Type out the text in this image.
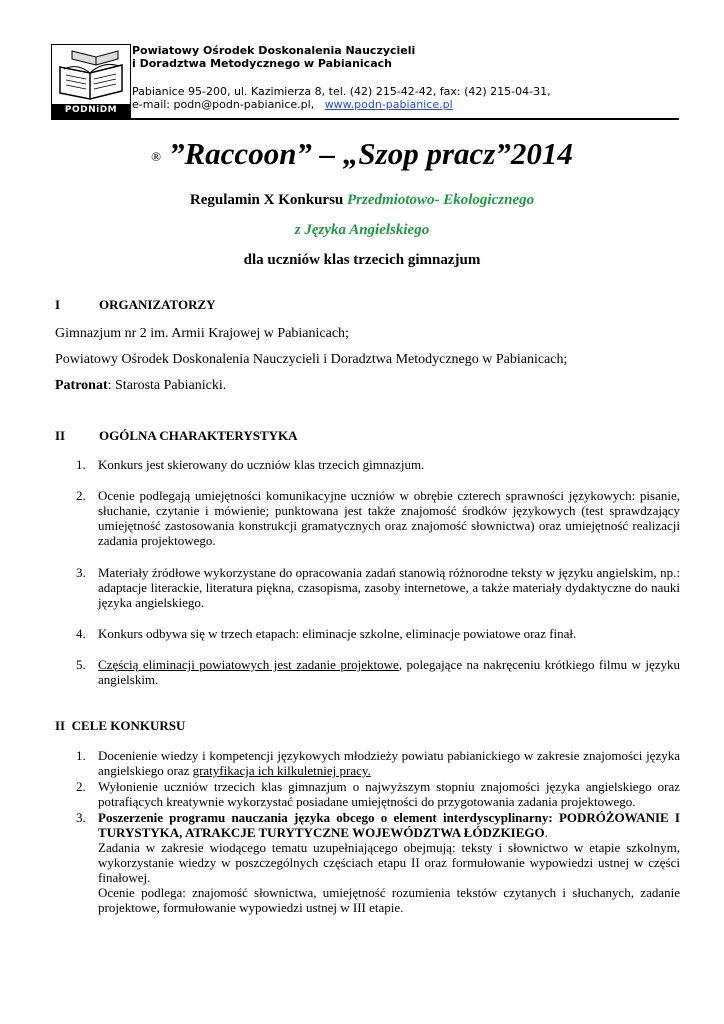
PODNiDM
Powiatowy Ośrodek Doskonalenia Nauczycieli
i Doradztwa Metodycznego w Pabianicach
Pabianice 95-200, ul. Kazimierza 8, tel. (42) 215-42-42, fax: (42) 215-04-31,
e-mail: podn@podn-pabianice.pl, www.podn-pabianice.pl
® ”Raccoon” – „Szop pracz”2014
Regulamin X Konkursu Przedmiotowo- Ekologicznego
z Języka Angielskiego
dla uczniów klas trzecich gimnazjum
I	ORGANIZATORZY
Gimnazjum nr 2 im. Armii Krajowej w Pabianicach;
Powiatowy Ośrodek Doskonalenia Nauczycieli i Doradztwa Metodycznego w Pabianicach;
Patronat: Starosta Pabianicki.
II	OGÓLNA CHARAKTERYSTYKA
1. Konkurs jest skierowany do uczniów klas trzecich gimnazjum.
2. Ocenie podlegają umiejętności komunikacyjne uczniów w obrębie czterech sprawności językowych: pisanie, słuchanie, czytanie i mówienie; punktowana jest także znajomość środków językowych (test sprawdzający umiejętność zastosowania konstrukcji gramatycznych oraz znajomość słownictwa) oraz umiejętność realizacji zadania projektowego.
3. Materiały źródłowe wykorzystane do opracowania zadań stanowią różnorodne teksty w języku angielskim, np.: adaptacje literackie, literatura piękna, czasopisma, zasoby internetowe, a także materiały dydaktyczne do nauki języka angielskiego.
4. Konkurs odbywa się w trzech etapach: eliminacje szkolne, eliminacje powiatowe oraz finał.
5. Częścią eliminacji powiatowych jest zadanie projektowe, polegające na nakręceniu krótkiego filmu w języku angielskim.
II CELE KONKURSU
1. Docenienie wiedzy i kompetencji językowych młodzieży powiatu pabianickiego w zakresie znajomości języka angielskiego oraz gratyfikacja ich kilkuletniej pracy.
2. Wyłonienie uczniów trzecich klas gimnazjum o najwyższym stopniu znajomości języka angielskiego oraz potrafiących kreatywnie wykorzystać posiadane umiejętności do przygotowania zadania projektowego.
3. Poszerzenie programu nauczania języka obcego o element interdyscyplinarny: PODRÓŻOWANIE I TURYSTYKA, ATRAKCJE TURYTYCZNE WOJEWÓDZTWA ŁÓDZKIEGO.
Zadania w zakresie wiodącego tematu uzupełniającego obejmują: teksty i słownictwo w etapie szkolnym, wykorzystanie wiedzy w poszczególnych częściach etapu II oraz formułowanie wypowiedzi ustnej w części finałowej.
Ocenie podlega: znajomość słownictwa, umiejętność rozumienia tekstów czytanych i słuchanych, zadanie projektowe, formułowanie wypowiedzi ustnej w III etapie.
